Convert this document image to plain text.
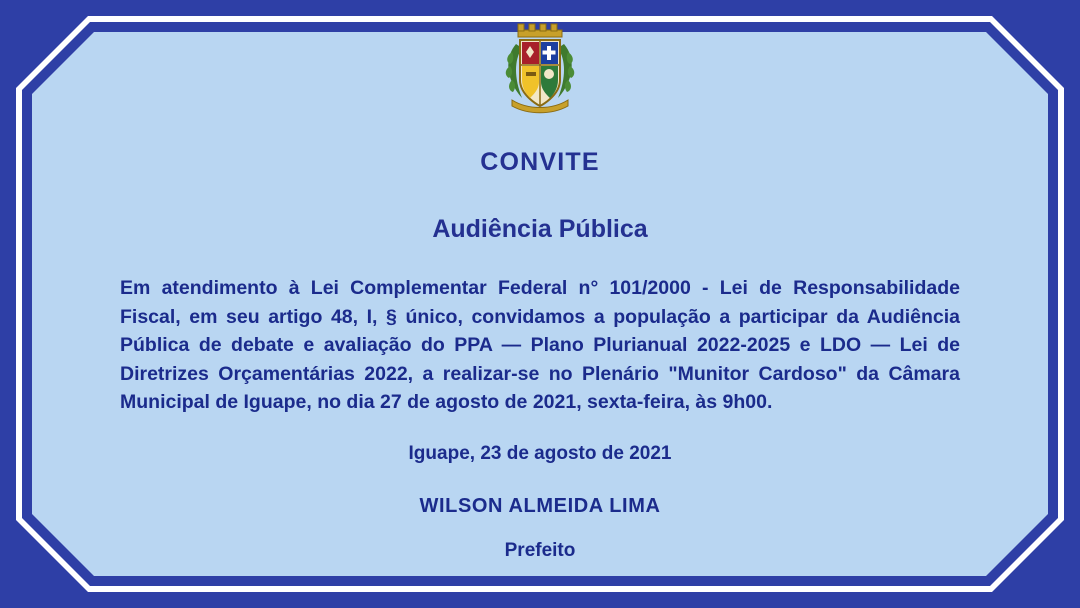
CONVITE
Audiência Pública
Em atendimento à Lei Complementar Federal n° 101/2000 - Lei de Responsabilidade Fiscal, em seu artigo 48, I, § único, convidamos a população a participar da Audiência Pública de debate e avaliação do PPA — Plano Plurianual 2022-2025 e LDO — Lei de Diretrizes Orçamentárias 2022, a realizar-se no Plenário "Munitor Cardoso" da Câmara Municipal de Iguape, no dia 27 de agosto de 2021, sexta-feira, às 9h00.
Iguape, 23 de agosto de 2021
WILSON ALMEIDA LIMA
Prefeito
